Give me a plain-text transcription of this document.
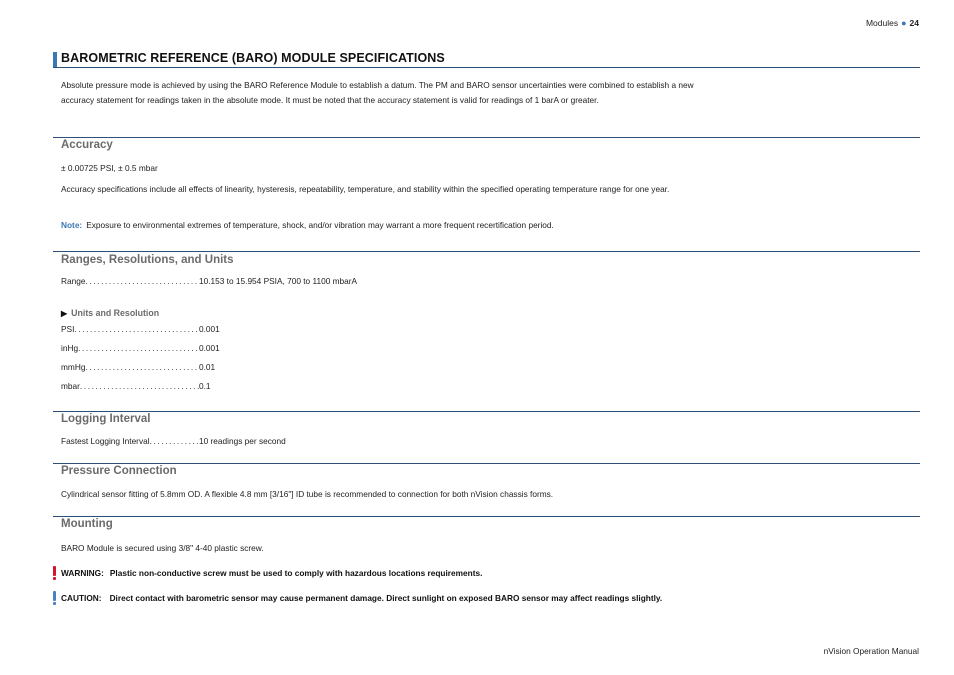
Modules ● 24
BAROMETRIC REFERENCE (BARO) MODULE SPECIFICATIONS
Absolute pressure mode is achieved by using the BARO Reference Module to establish a datum. The PM and BARO sensor uncertainties were combined to establish a new accuracy statement for readings taken in the absolute mode. It must be noted that the accuracy statement is valid for readings of 1 barA or greater.
Accuracy
± 0.00725 PSI, ± 0.5 mbar
Accuracy specifications include all effects of linearity, hysteresis, repeatability, temperature, and stability within the specified operating temperature range for one year.
Note: Exposure to environmental extremes of temperature, shock, and/or vibration may warrant a more frequent recertification period.
Ranges, Resolutions, and Units
Range .....	10.153 to 15.954 PSIA, 700 to 1100 mbarA
▶ Units and Resolution
PSI .....	0.001
inHg .....	0.001
mmHg .....	0.01
mbar .....	0.1
Logging Interval
Fastest Logging Interval .....	10 readings per second
Pressure Connection
Cylindrical sensor fitting of 5.8mm OD. A flexible 4.8 mm [3/16"] ID tube is recommended to connection for both nVision chassis forms.
Mounting
BARO Module is secured using 3/8" 4-40 plastic screw.
WARNING: Plastic non-conductive screw must be used to comply with hazardous locations requirements.
CAUTION: Direct contact with barometric sensor may cause permanent damage. Direct sunlight on exposed BARO sensor may affect readings slightly.
nVision Operation Manual
